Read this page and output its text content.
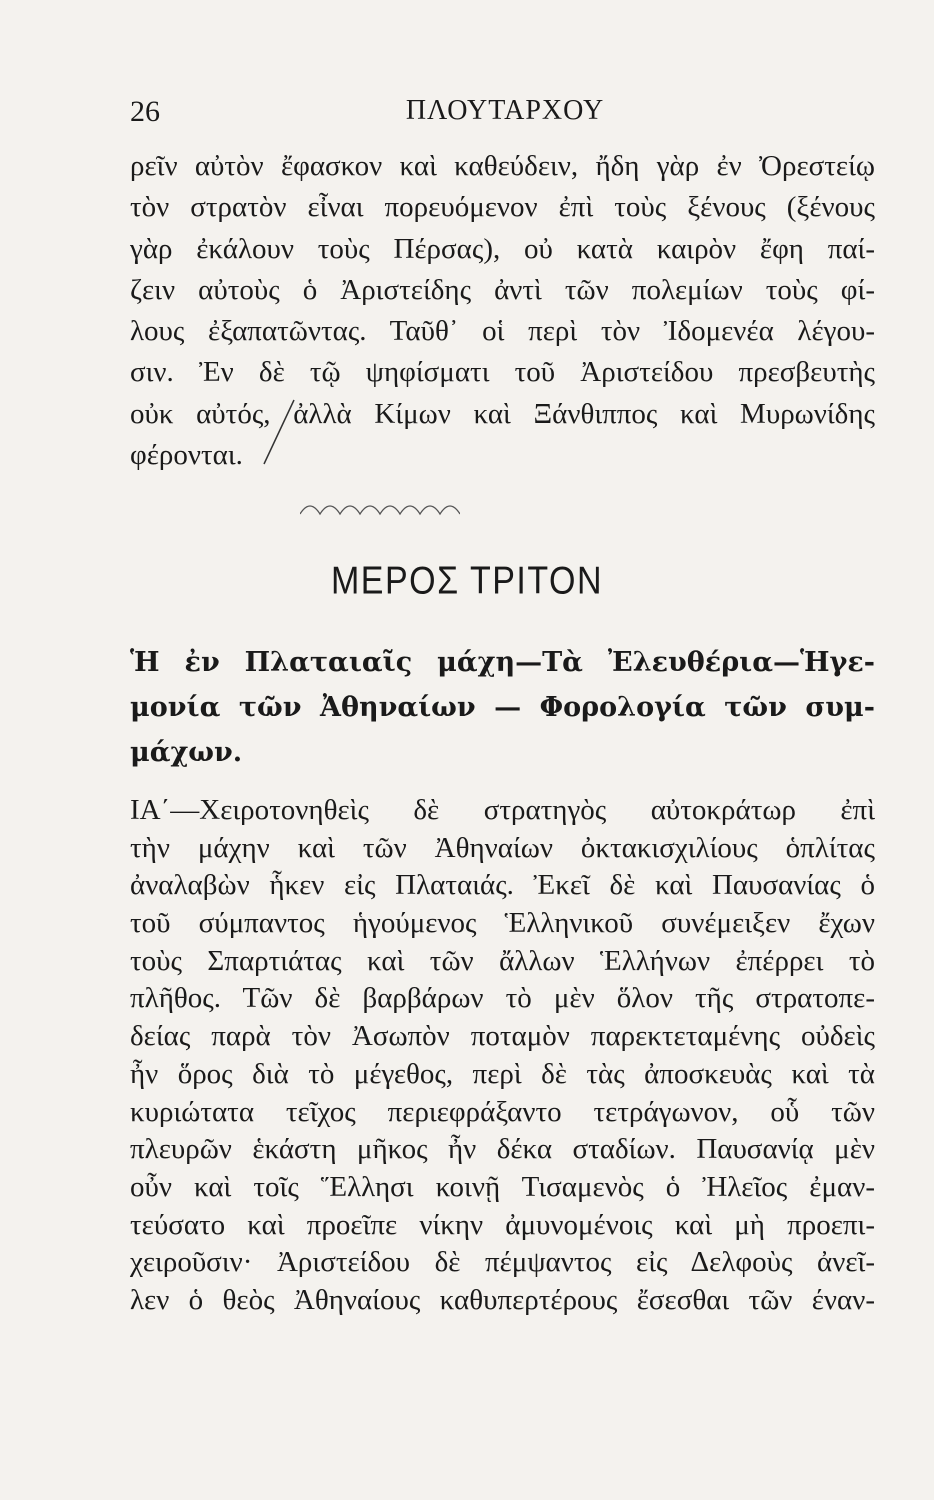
26	ΠΛΟΥΤΑΡΧΟΥ
ρεῖν αὐτὸν ἔφασκον καὶ καθεύδειν, ἤδη γὰρ ἐν Ὀρεστείῳ
τὸν στρατὸν εἶναι πορευόμενον ἐπὶ τοὺς ξένους (ξένους
γὰρ ἐκάλουν τοὺς Πέρσας), οὐ κατὰ καιρὸν ἔφη παί-
ζειν αὐτοὺς ὁ Ἀριστείδης ἀντὶ τῶν πολεμίων τοὺς φί-
λους ἐξαπατῶντας. Ταῦθ᾽ οἱ περὶ τὸν Ἰδομενέα λέγου-
σιν. Ἐν δὲ τῷ ψηφίσματι τοῦ Ἀριστείδου πρεσβευτὴς
οὐκ αὐτός, ἀλλὰ Κίμων καὶ Ξάνθιππος καὶ Μυρωνίδης
φέρονται.
ΜΕΡΟΣ ΤΡΙΤΟΝ
Ἡ ἐν Πλαταιαῖς μάχη—Τὰ Ἐλευθέρια—Ἡγε-
μονία τῶν Ἀθηναίων — Φορολογία τῶν συμ-
μάχων.
ΙΑ΄—Χειροτονηθεὶς δὲ στρατηγὸς αὐτοκράτωρ ἐπὶ
τὴν μάχην καὶ τῶν Ἀθηναίων ὀκτακισχιλίους ὁπλίτας
ἀναλαβὼν ἧκεν εἰς Πλαταιάς. Ἐκεῖ δὲ καὶ Παυσανίας ὁ
τοῦ σύμπαντος ἡγούμενος Ἑλληνικοῦ συνέμειξεν ἔχων
τοὺς Σπαρτιάτας καὶ τῶν ἄλλων Ἑλλήνων ἐπέρρει τὸ
πλῆθος. Τῶν δὲ βαρβάρων τὸ μὲν ὅλον τῆς στρατοπε-
δείας παρὰ τὸν Ἀσωπὸν ποταμὸν παρεκτεταμένης οὐδεὶς
ἦν ὅρος διὰ τὸ μέγεθος, περὶ δὲ τὰς ἀποσκευὰς καὶ τὰ
κυριώτατα τεῖχος περιεφράξαντο τετράγωνον, οὗ τῶν
πλευρῶν ἑκάστη μῆκος ἦν δέκα σταδίων. Παυσανίᾳ μὲν
οὖν καὶ τοῖς Ἕλλησι κοινῇ Τισαμενὸς ὁ Ἠλεῖος ἐμαν-
τεύσατο καὶ προεῖπε νίκην ἀμυνομένοις καὶ μὴ προεπι-
χειροῦσιν· Ἀριστείδου δὲ πέμψαντος εἰς Δελφοὺς ἀνεῖ-
λεν ὁ θεὸς Ἀθηναίους καθυπερτέρους ἔσεσθαι τῶν έναν-
